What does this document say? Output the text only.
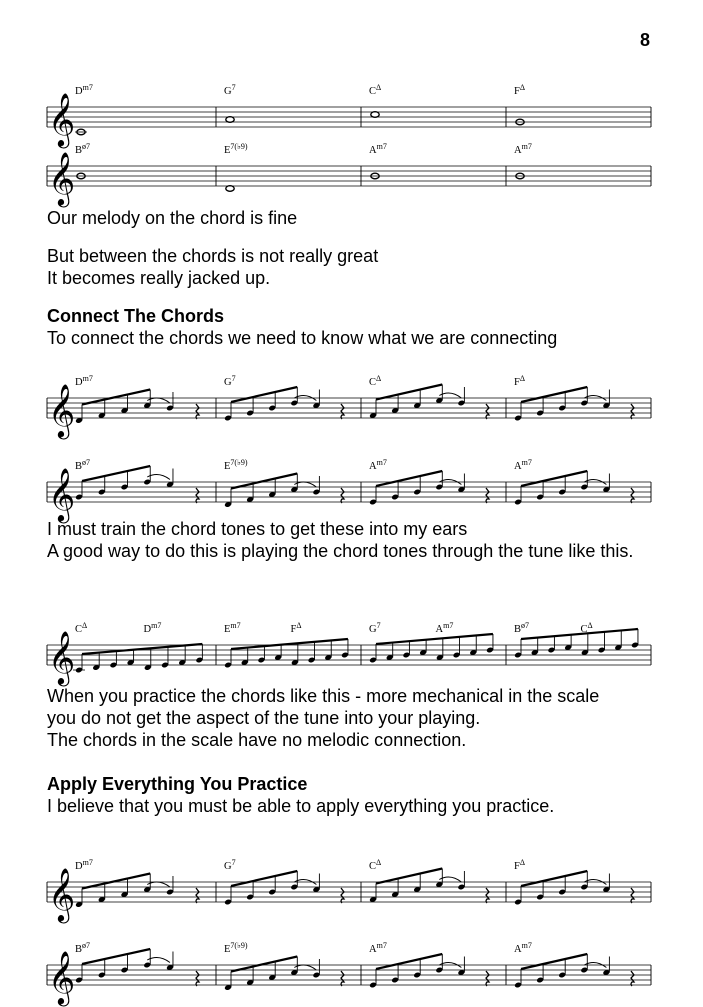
8
𝄞
$D^{m7}$	$G^7$	$C^\Delta$	$F^\Delta$
𝄞
$B^{ø7}$	$E^{7(♭9)}$	$A^{m7}$	$A^{m7}$

Our melody on the chord is fine

But between the chords is not really great

It becomes really jacked up.

Connect The Chords

To connect the chords we need to know what we are connecting

𝄞
$D^{m7}$	$G^7$	$C^\Delta$	$F^\Delta$
𝄞
$B^{ø7}$	$E^{7(♭9)}$	$A^{m7}$	$A^{m7}$

I must train the chord tones to get these into my ears

A good way to do this is playing the chord tones through the tune like this.

𝄞
$C^\Delta$	$D^{m7}$	$E^{m7}$	$F^\Delta$	$G^7$	$A^{m7}$	$B^{ø7}$	$C^\Delta$

When you practice the chords like this - more mechanical in the scale

you do not get the aspect of the tune into your playing.

The chords in the scale have no melodic connection.

Apply Everything You Practice

I believe that you must be able to apply everything you practice.

𝄞
$D^{m7}$	$G^7$	$C^\Delta$	$F^\Delta$
𝄞
$B^{ø7}$	$E^{7(♭9)}$	$A^{m7}$	$A^{m7}$
